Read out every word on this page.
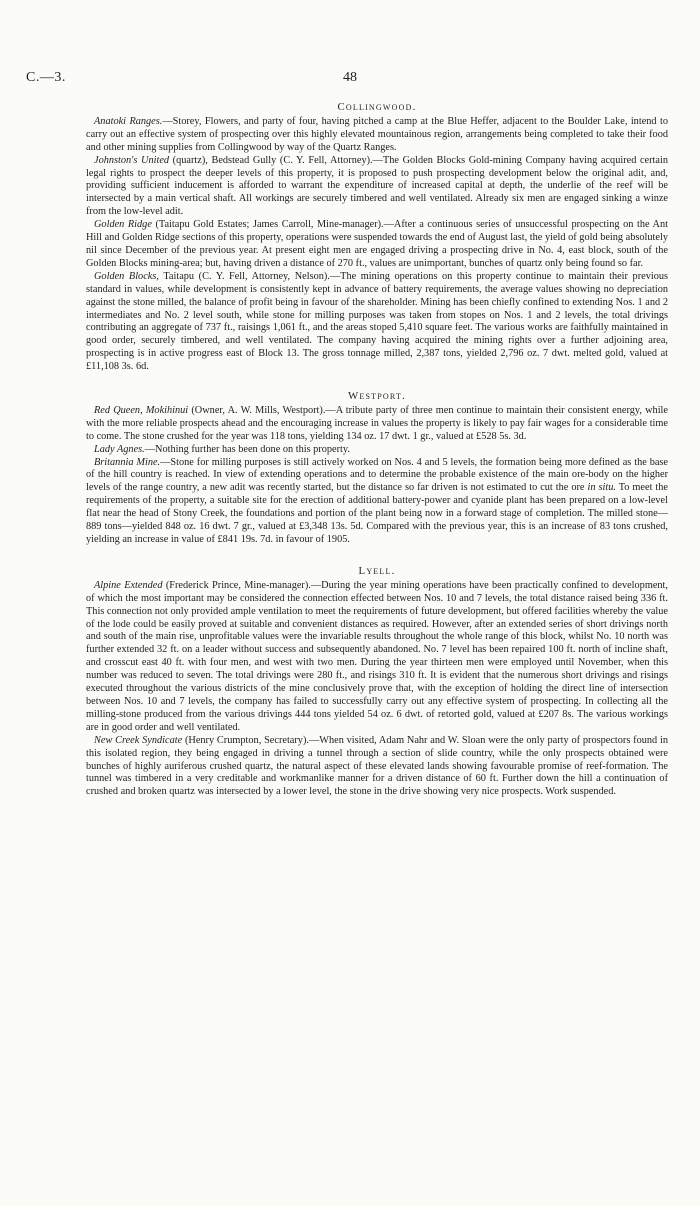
C.—3.	48
Collingwood.

Anatoki Ranges.—Storey, Flowers, and party of four, having pitched a camp at the Blue Heffer, adjacent to the Boulder Lake, intend to carry out an effective system of prospecting over this highly elevated mountainous region, arrangements being completed to take their food and other mining supplies from Collingwood by way of the Quartz Ranges.

Johnston's United (quartz), Bedstead Gully (C. Y. Fell, Attorney).—The Golden Blocks Gold-mining Company having acquired certain legal rights to prospect the deeper levels of this property, it is proposed to push prospecting development below the original adit, and, providing sufficient inducement is afforded to warrant the expenditure of increased capital at depth, the underlie of the reef will be intersected by a main vertical shaft. All workings are securely timbered and well ventilated. Already six men are engaged sinking a winze from the low-level adit.

Golden Ridge (Taitapu Gold Estates; James Carroll, Mine-manager).—After a continuous series of unsuccessful prospecting on the Ant Hill and Golden Ridge sections of this property, operations were suspended towards the end of August last, the yield of gold being absolutely nil since December of the previous year. At present eight men are engaged driving a prospecting drive in No. 4, east block, south of the Golden Blocks mining-area; but, having driven a distance of 270 ft., values are unimportant, bunches of quartz only being found so far.

Golden Blocks, Taitapu (C. Y. Fell, Attorney, Nelson).—The mining operations on this property continue to maintain their previous standard in values, while development is consistently kept in advance of battery requirements, the average values showing no depreciation against the stone milled, the balance of profit being in favour of the shareholder. Mining has been chiefly confined to extending Nos. 1 and 2 intermediates and No. 2 level south, while stone for milling purposes was taken from stopes on Nos. 1 and 2 levels, the total drivings contributing an aggregate of 737 ft., raisings 1,061 ft., and the areas stoped 5,410 square feet. The various works are faithfully maintained in good order, securely timbered, and well ventilated. The company having acquired the mining rights over a further adjoining area, prospecting is in active progress east of Block 13. The gross tonnage milled, 2,387 tons, yielded 2,796 oz. 7 dwt. melted gold, valued at £11,108 3s. 6d.

Westport.

Red Queen, Mokihinui (Owner, A. W. Mills, Westport).—A tribute party of three men continue to maintain their consistent energy, while with the more reliable prospects ahead and the encouraging increase in values the property is likely to pay fair wages for a considerable time to come. The stone crushed for the year was 118 tons, yielding 134 oz. 17 dwt. 1 gr., valued at £528 5s. 3d.

Lady Agnes.—Nothing further has been done on this property.

Britannia Mine.—Stone for milling purposes is still actively worked on Nos. 4 and 5 levels, the formation being more defined as the base of the hill country is reached. In view of extending operations and to determine the probable existence of the main ore-body on the higher levels of the range country, a new adit was recently started, but the distance so far driven is not estimated to cut the ore in situ. To meet the requirements of the property, a suitable site for the erection of additional battery-power and cyanide plant has been prepared on a low-level flat near the head of Stony Creek, the foundations and portion of the plant being now in a forward stage of completion. The milled stone—889 tons—yielded 848 oz. 16 dwt. 7 gr., valued at £3,348 13s. 5d. Compared with the previous year, this is an increase of 83 tons crushed, yielding an increase in value of £841 19s. 7d. in favour of 1905.

Lyell.

Alpine Extended (Frederick Prince, Mine-manager).—During the year mining operations have been practically confined to development, of which the most important may be considered the connection effected between Nos. 10 and 7 levels, the total distance raised being 336 ft. This connection not only provided ample ventilation to meet the requirements of future development, but offered facilities whereby the value of the lode could be easily proved at suitable and convenient distances as required. However, after an extended series of short drivings north and south of the main rise, unprofitable values were the invariable results throughout the whole range of this block, whilst No. 10 north was further extended 32 ft. on a leader without success and subsequently abandoned. No. 7 level has been repaired 100 ft. north of incline shaft, and crosscut east 40 ft. with four men, and west with two men. During the year thirteen men were employed until November, when this number was reduced to seven. The total drivings were 280 ft., and risings 310 ft. It is evident that the numerous short drivings and risings executed throughout the various districts of the mine conclusively prove that, with the exception of holding the direct line of intersection between Nos. 10 and 7 levels, the company has failed to successfully carry out any effective system of prospecting. In collecting all the milling-stone produced from the various drivings 444 tons yielded 54 oz. 6 dwt. of retorted gold, valued at £207 8s. The various workings are in good order and well ventilated.

New Creek Syndicate (Henry Crumpton, Secretary).—When visited, Adam Nahr and W. Sloan were the only party of prospectors found in this isolated region, they being engaged in driving a tunnel through a section of slide country, while the only prospects obtained were bunches of highly auriferous crushed quartz, the natural aspect of these elevated lands showing favourable promise of reef-formation. The tunnel was timbered in a very creditable and workmanlike manner for a driven distance of 60 ft. Further down the hill a continuation of crushed and broken quartz was intersected by a lower level, the stone in the drive showing very nice prospects. Work suspended.
